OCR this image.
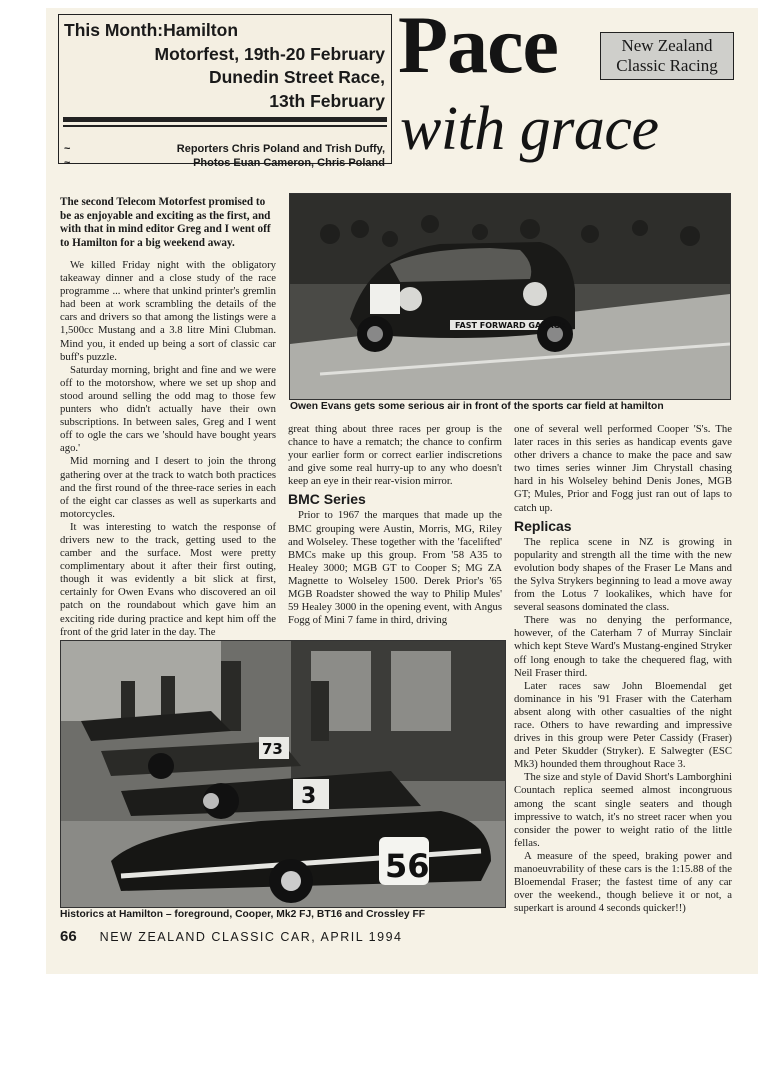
This Month:Hamilton
Motorfest, 19th-20 February
Dunedin Street Race,
13th February
~
~
Reporters Chris Poland and Trish Duffy,
Photos Euan Cameron, Chris Poland
Pace
with grace
New Zealand
Classic Racing
The second Telecom Motorfest promised to be as enjoyable and exciting as the first, and with that in mind editor Greg and I went off to Hamilton for a big weekend away.

We killed Friday night with the obligatory takeaway dinner and a close study of the race programme ... where that unkind printer's gremlin had been at work scrambling the details of the cars and drivers so that among the listings were a 1,500cc Mustang and a 3.8 litre Mini Clubman. Mind you, it ended up being a sort of classic car buff's puzzle.

Saturday morning, bright and fine and we were off to the motorshow, where we set up shop and stood around selling the odd mag to those few punters who didn't actually have their own subscriptions. In between sales, Greg and I went off to ogle the cars we 'should have bought years ago.'

Mid morning and I desert to join the throng gathering over at the track to watch both practices and the first round of the three-race series in each of the eight car classes as well as superkarts and motorcycles.

It was interesting to watch the response of drivers new to the track, getting used to the camber and the surface. Most were pretty complimentary about it after their first outing, though it was evidently a bit slick at first, certainly for Owen Evans who discovered an oil patch on the roundabout which gave him an exciting ride during practice and kept him off the front of the grid later in the day. The

FAST FORWARD GARAGE
Owen Evans gets some serious air in front of the sports car field at hamilton

great thing about three races per group is the chance to have a rematch; the chance to confirm your earlier form or correct earlier indiscretions and give some real hurry-up to any who doesn't keep an eye in their rear-vision mirror.

BMC Series

Prior to 1967 the marques that made up the BMC grouping were Austin, Morris, MG, Riley and Wolseley. These together with the 'facelifted' BMCs make up this group. From '58 A35 to Healey 3000; MGB GT to Cooper S; MG ZA Magnette to Wolseley 1500. Derek Prior's '65 MGB Roadster showed the way to Philip Mules' 59 Healey 3000 in the opening event, with Angus Fogg of Mini 7 fame in third, driving

one of several well performed Cooper 'S's. The later races in this series as handicap events gave other drivers a chance to make the pace and saw two times series winner Jim Chrystall chasing hard in his Wolseley behind Denis Jones, MGB GT; Mules, Prior and Fogg just ran out of laps to catch up.

Replicas

The replica scene in NZ is growing in popularity and strength all the time with the new evolution body shapes of the Fraser Le Mans and the Sylva Strykers beginning to lead a move away from the Lotus 7 lookalikes, which have for several seasons dominated the class.

There was no denying the performance, however, of the Caterham 7 of Murray Sinclair which kept Steve Ward's Mustang-engined Stryker off long enough to take the chequered flag, with Neil Fraser third.

Later races saw John Bloemendal get dominance in his '91 Fraser with the Caterham absent along with other casualties of the night race. Others to have rewarding and impressive drives in this group were Peter Cassidy (Fraser) and Peter Skudder (Stryker). E Salwegter (ESC Mk3) hounded them throughout Race 3.

The size and style of David Short's Lamborghini Countach replica seemed almost incongruous among the scant single seaters and though impressive to watch, it's no street racer when you consider the power to weight ratio of the little fellas.

A measure of the speed, braking power and manoeuvrability of these cars is the 1:15.88 of the Bloemendal Fraser; the fastest time of any car over the weekend., though believe it or not, a superkart is around 4 seconds quicker!!)

56
3
73
Historics at Hamilton – foreground, Cooper, Mk2 FJ, BT16 and Crossley FF
66 NEW ZEALAND CLASSIC CAR, APRIL 1994
